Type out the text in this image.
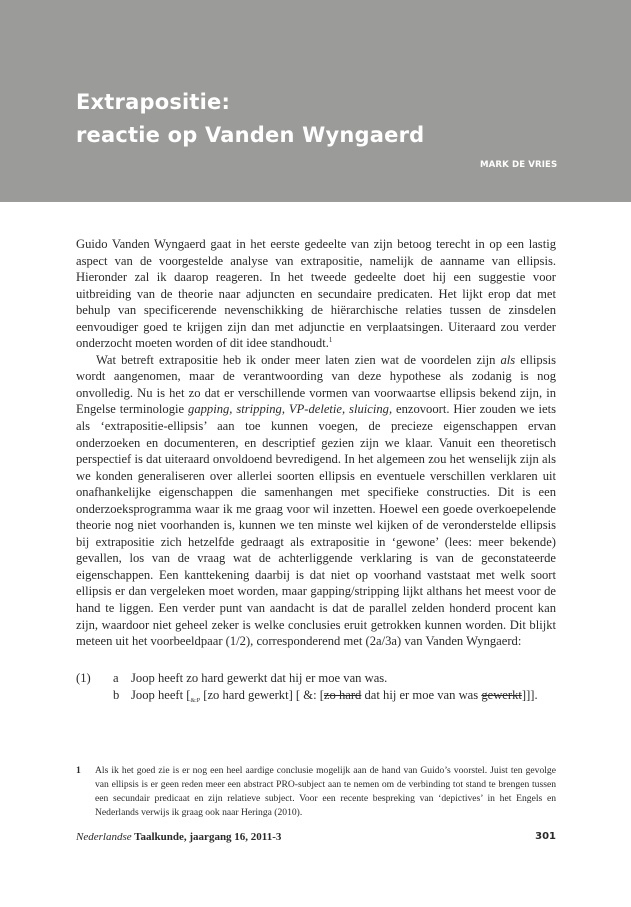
Extrapositie:
reactie op Vanden Wyngaerd
MARK DE VRIES

Guido Vanden Wyngaerd gaat in het eerste gedeelte van zijn betoog terecht in op een lastig aspect van de voorgestelde analyse van extrapositie, namelijk de aanname van ellipsis. Hieronder zal ik daarop reageren. In het tweede gedeelte doet hij een suggestie voor uitbreiding van de theorie naar adjuncten en secundaire predicaten. Het lijkt erop dat met behulp van specificerende nevenschikking de hiërarchische relaties tussen de zinsdelen eenvoudiger goed te krijgen zijn dan met adjunctie en verplaatsingen. Uiteraard zou verder onderzocht moeten worden of dit idee standhoudt.$^1$

Wat betreft extrapositie heb ik onder meer laten zien wat de voordelen zijn als ellipsis wordt aangenomen, maar de verantwoording van deze hypothese als zodanig is nog onvolledig. Nu is het zo dat er verschillende vormen van voorwaartse ellipsis bekend zijn, in Engelse terminologie gapping, stripping, VP-deletie, sluicing, enzovoort. Hier zouden we iets als ‘extrapositie-ellipsis’ aan toe kunnen voegen, de precieze eigenschappen ervan onderzoeken en documenteren, en descriptief gezien zijn we klaar. Vanuit een theoretisch perspectief is dat uiteraard onvoldoend bevredigend. In het algemeen zou het wenselijk zijn als we konden generaliseren over allerlei soorten ellipsis en eventuele verschillen verklaren uit onafhankelijke eigenschappen die samenhangen met specifieke constructies. Dit is een onderzoeksprogramma waar ik me graag voor wil inzetten. Hoewel een goede overkoepelende theorie nog niet voorhanden is, kunnen we ten minste wel kijken of de veronderstelde ellipsis bij extrapositie zich hetzelfde gedraagt als extrapositie in ‘gewone’ (lees: meer bekende) gevallen, los van de vraag wat de achterliggende verklaring is van de geconstateerde eigenschappen. Een kanttekening daarbij is dat niet op voorhand vaststaat met welk soort ellipsis er dan vergeleken moet worden, maar gapping/stripping lijkt althans het meest voor de hand te liggen. Een verder punt van aandacht is dat de parallel zelden honderd procent kan zijn, waardoor niet geheel zeker is welke conclusies eruit getrokken kunnen worden. Dit blijkt meteen uit het voorbeeldpaar (1/2), corresponderend met (2a/3a) van Vanden Wyngaerd:

(1) a Joop heeft zo hard gewerkt dat hij er moe van was.
b Joop heeft [$_{\&:P}$ [zo hard gewerkt] [ &: [zo hard dat hij er moe van was gewerkt]]].
1 Als ik het goed zie is er nog een heel aardige conclusie mogelijk aan de hand van Guido’s voorstel. Juist ten gevolge van ellipsis is er geen reden meer een abstract PRO-subject aan te nemen om de verbinding tot stand te brengen tussen een secundair predicaat en zijn relatieve subject. Voor een recente bespreking van ‘depictives’ in het Engels en Nederlands verwijs ik graag ook naar Heringa (2010).
Nederlandse Taalkunde, jaargang 16, 2011-3	301
